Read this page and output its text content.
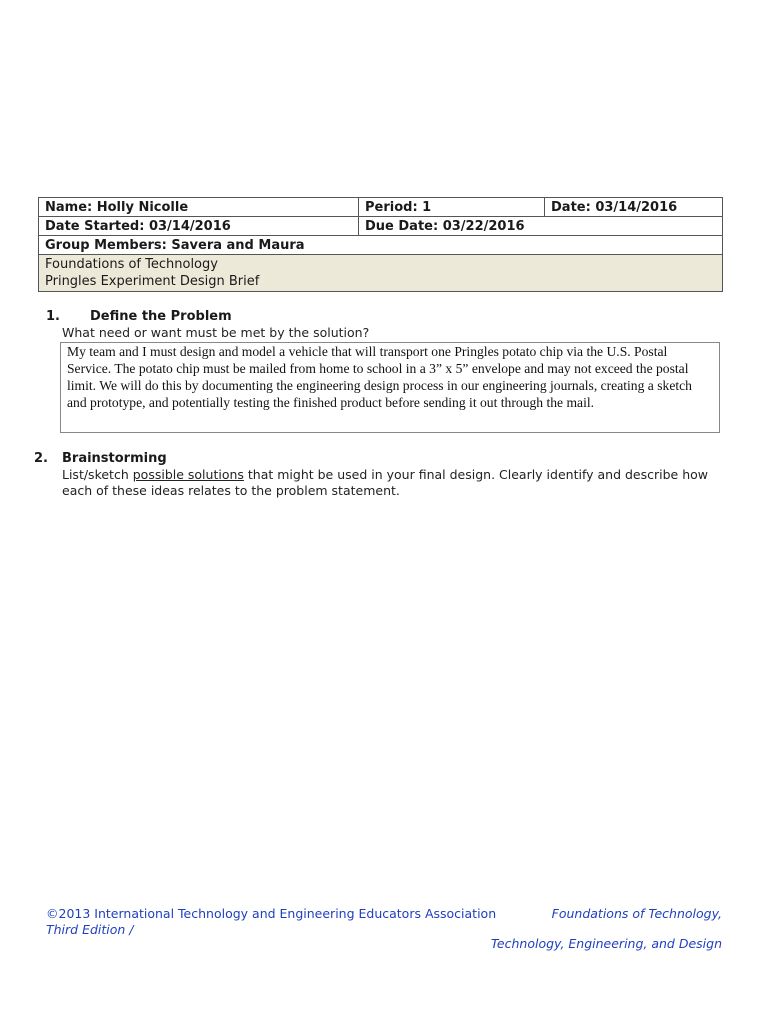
Name: Holly Nicolle	Period: 1	Date: 03/14/2016
Date Started: 03/14/2016	Due Date: 03/22/2016	
Group Members: Savera and Maura		

Foundations of Technology
Pringles Experiment Design Brief		
1. Define the Problem
What need or want must be met by the solution?
My team and I must design and model a vehicle that will transport one Pringles potato chip via the U.S. Postal
Service. The potato chip must be mailed from home to school in a 3” x 5” envelope and may not exceed the postal
limit. We will do this by documenting the engineering design process in our engineering journals, creating a sketch
and prototype, and potentially testing the finished product before sending it out through the mail.
2. Brainstorming
List/sketch possible solutions that might be used in your final design. Clearly identify and describe how
each of these ideas relates to the problem statement.
©2013 International Technology and Engineering Educators Association	Foundations of Technology,
Third Edition /
Technology, Engineering, and Design
